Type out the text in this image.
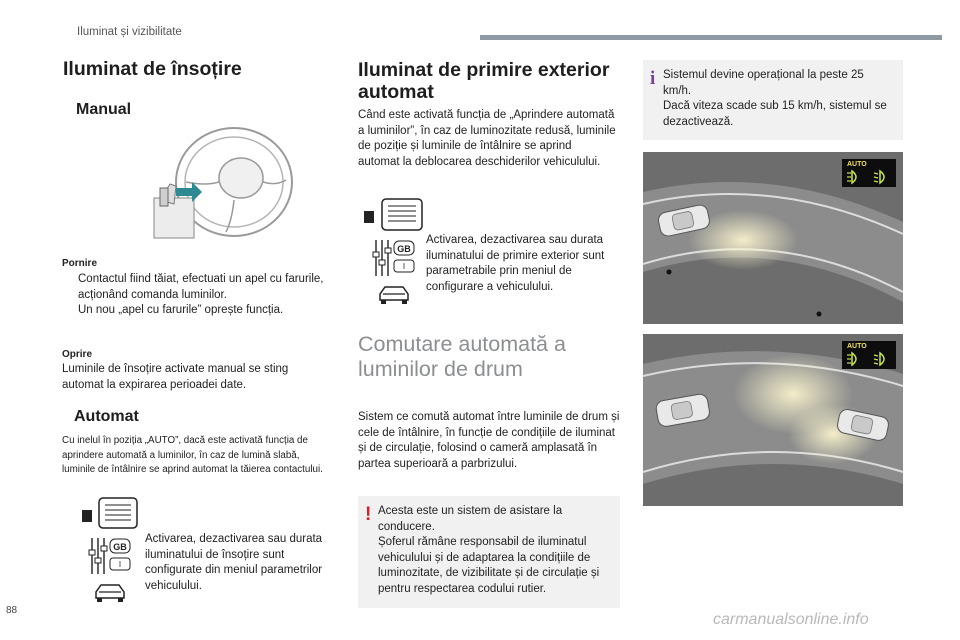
Iluminat și vizibilitate
Iluminat de însoțire
Manual
Pornire
Contactul fiind tăiat, efectuati un apel cu farurile, acționând comanda luminilor.
Un nou „apel cu farurile” oprește funcția.
Oprire
Luminile de însoțire activate manual se sting automat la expirarea perioadei date.
Automat
Cu inelul în poziția „AUTO”, dacă este activată funcția de aprindere automată a luminilor, în caz de lumină slabă, luminile de întâlnire se aprind automat la tăierea contactului.
GB
I
Activarea, dezactivarea sau durata iluminatului de însoțire sunt configurate din meniul parametrilor vehiculului.
Iluminat de primire exterior automat
Când este activată funcția de „Aprindere automată a luminilor”, în caz de luminozitate redusă, luminile de poziție și luminile de întâlnire se aprind automat la deblocarea deschiderilor vehiculului.
GB
I
Activarea, dezactivarea sau durata iluminatului de primire exterior sunt parametrabile prin meniul de configurare a vehiculului.
Comutare automată a luminilor de drum
Sistem ce comută automat între luminile de drum și cele de întâlnire, în funcție de condițiile de iluminat și de circulație, folosind o cameră amplasată în partea superioară a parbrizului.
! Acesta este un sistem de asistare la conducere.
Șoferul rămâne responsabil de iluminatul vehiculului și de adaptarea la condițiile de luminozitate, de vizibilitate și de circulație și pentru respectarea codului rutier.
i Sistemul devine operațional la peste 25 km/h.
Dacă viteza scade sub 15 km/h, sistemul se dezactivează.
AUTO
AUTO
88
carmanualsonline.info
